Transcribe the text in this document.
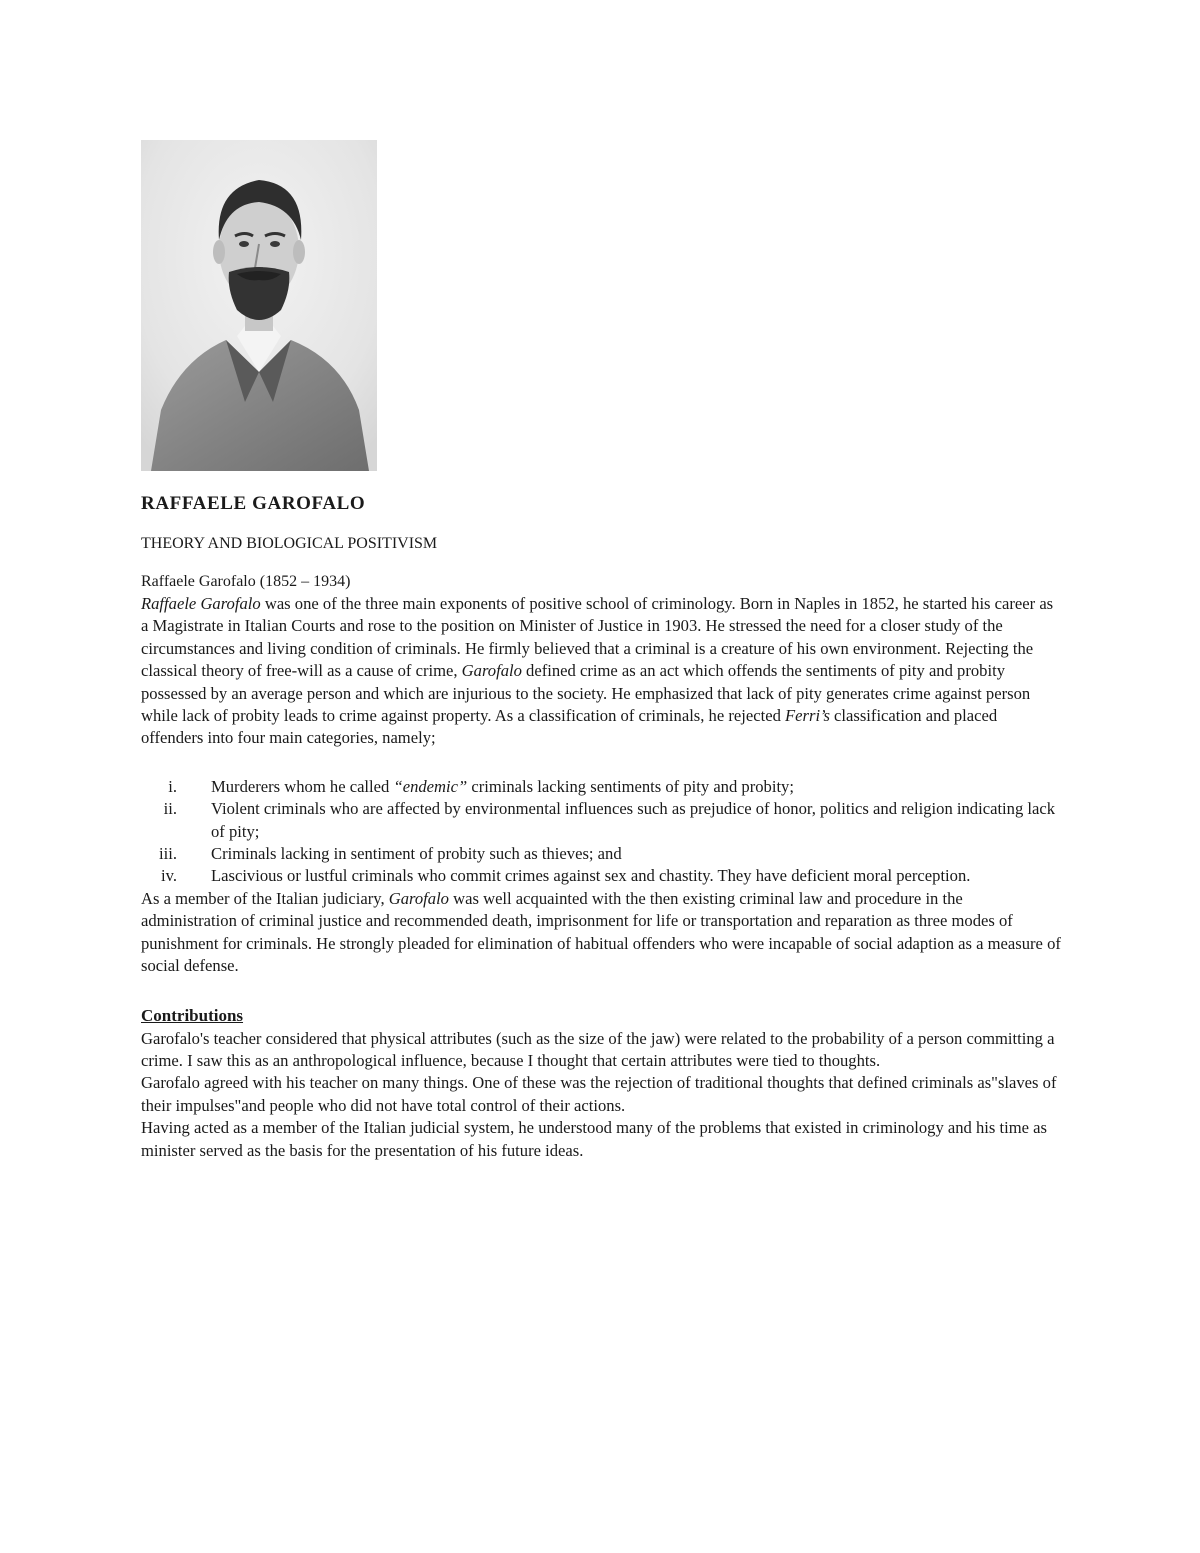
RAFFAELE GAROFALO
THEORY AND BIOLOGICAL POSITIVISM
Raffaele Garofalo (1852 – 1934)

Raffaele Garofalo was one of the three main exponents of positive school of criminology. Born in Naples in 1852, he started his career as a Magistrate in Italian Courts and rose to the position on Minister of Justice in 1903. He stressed the need for a closer study of the circumstances and living condition of criminals. He firmly believed that a criminal is a creature of his own environment. Rejecting the classical theory of free-will as a cause of crime, Garofalo defined crime as an act which offends the sentiments of pity and probity possessed by an average person and which are injurious to the society. He emphasized that lack of pity generates crime against person while lack of probity leads to crime against property. As a classification of criminals, he rejected Ferri’s classification and placed offenders into four main categories, namely;

i. Murderers whom he called “endemic” criminals lacking sentiments of pity and probity;
ii. Violent criminals who are affected by environmental influences such as prejudice of honor, politics and religion indicating lack of pity;
iii. Criminals lacking in sentiment of probity such as thieves; and
iv. Lascivious or lustful criminals who commit crimes against sex and chastity. They have deficient moral perception.

As a member of the Italian judiciary, Garofalo was well acquainted with the then existing criminal law and procedure in the administration of criminal justice and recommended death, imprisonment for life or transportation and reparation as three modes of punishment for criminals. He strongly pleaded for elimination of habitual offenders who were incapable of social adaption as a measure of social defense.

Contributions

Garofalo's teacher considered that physical attributes (such as the size of the jaw) were related to the probability of a person committing a crime. I saw this as an anthropological influence, because I thought that certain attributes were tied to thoughts.

Garofalo agreed with his teacher on many things. One of these was the rejection of traditional thoughts that defined criminals as"slaves of their impulses"and people who did not have total control of their actions.

Having acted as a member of the Italian judicial system, he understood many of the problems that existed in criminology and his time as minister served as the basis for the presentation of his future ideas.
